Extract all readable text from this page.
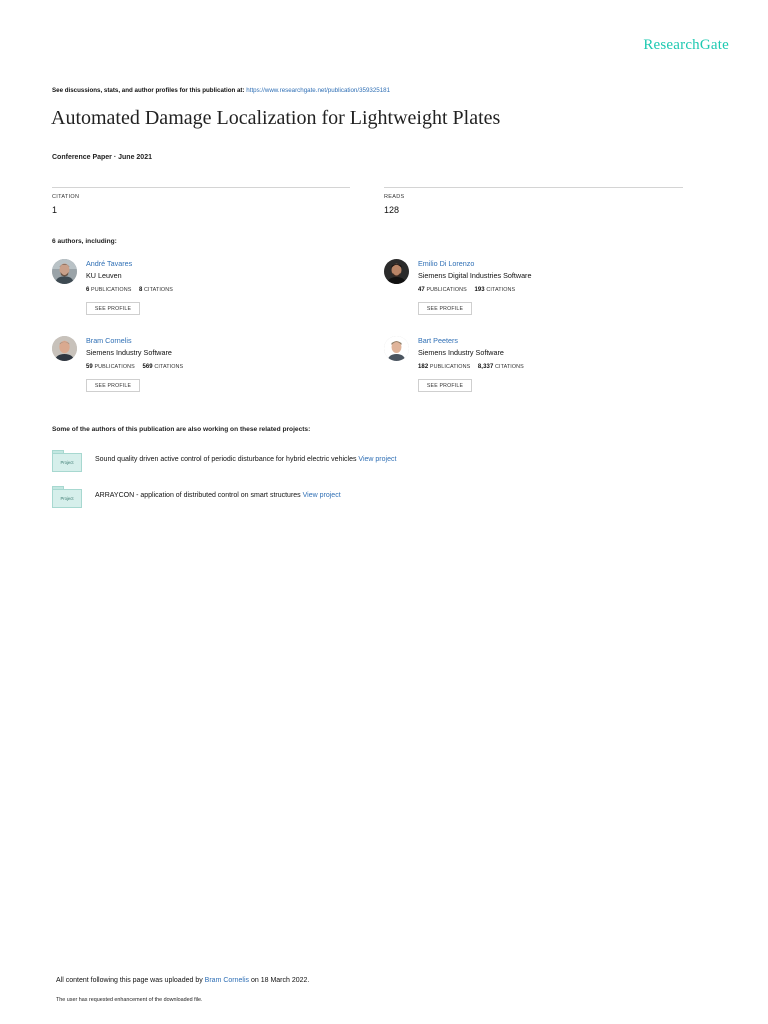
ResearchGate
See discussions, stats, and author profiles for this publication at: https://www.researchgate.net/publication/359325181
Automated Damage Localization for Lightweight Plates
Conference Paper · June 2021
CITATION
1
READS
128
6 authors, including:
André Tavares
KU Leuven
6 PUBLICATIONS 8 CITATIONS
SEE PROFILE
Emilio Di Lorenzo
Siemens Digital Industries Software
47 PUBLICATIONS 193 CITATIONS
SEE PROFILE
Bram Cornelis
Siemens Industry Software
59 PUBLICATIONS 569 CITATIONS
SEE PROFILE
Bart Peeters
Siemens Industry Software
182 PUBLICATIONS 8,337 CITATIONS
SEE PROFILE
Some of the authors of this publication are also working on these related projects:
Project	Sound quality driven active control of periodic disturbance for hybrid electric vehicles View project
Project	ARRAYCON - application of distributed control on smart structures View project
All content following this page was uploaded by Bram Cornelis on 18 March 2022.
The user has requested enhancement of the downloaded file.
